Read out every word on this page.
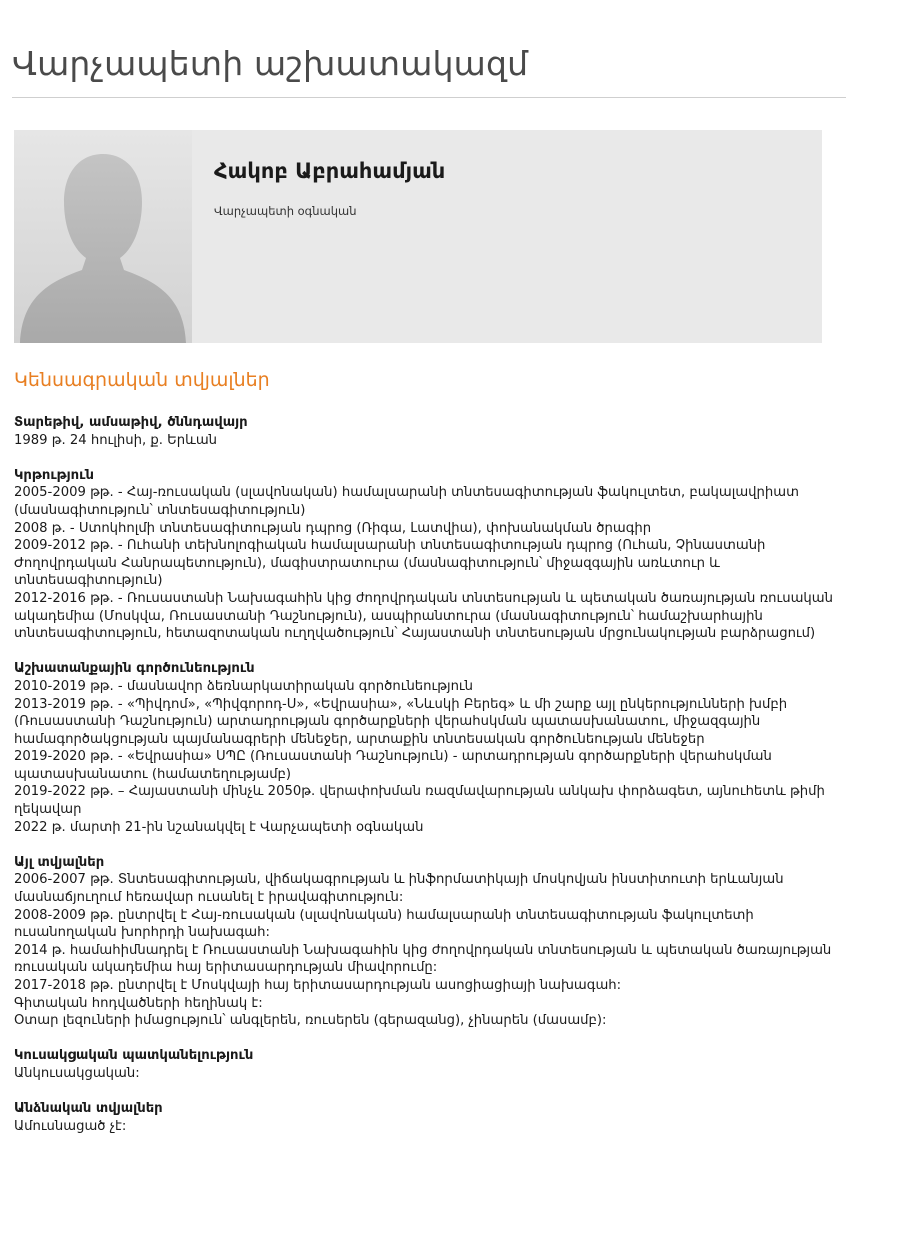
Վարչապետի աշխատակազմ
Հակոբ Աբրահամյան
Վարչապետի օգնական
Կենսագրական տվյալներ
Տարեթիվ, ամսաթիվ, ծննդավայր
1989 թ. 24 հուլիսի, ք. Երևան
Կրթություն
2005-2009 թթ. - Հայ-ռուսական (սլավոնական) համալսարանի տնտեսագիտության ֆակուլտետ, բակալավրիատ (մասնագիտություն՝ տնտեսագիտություն)
2008 թ. - Ստոկհոլմի տնտեսագիտության դպրոց (Ռիգա, Լատվիա), փոխանակման ծրագիր
2009-2012 թթ. - Ուհանի տեխնոլոգիական համալսարանի տնտեսագիտության դպրոց (Ուհան, Չինաստանի Ժողովրդական Հանրապետություն), մագիստրատուրա (մասնագիտություն՝ միջազգային առևտուր և տնտեսագիտություն)
2012-2016 թթ. - Ռուսաստանի Նախագահին կից ժողովրդական տնտեսության և պետական ծառայության ռուսական ակադեմիա (Մոսկվա, Ռուսաստանի Դաշնություն), ասպիրանտուրա (մասնագիտություն՝ համաշխարհային տնտեսագիտություն, հետազոտական ուղղվածություն՝ Հայաստանի տնտեսության մրցունակության բարձրացում)
Աշխատանքային գործունեություն
2010-2019 թթ. - մասնավոր ձեռնարկատիրական գործունեություն
2013-2019 թթ. - «Պիվդոմ», «Պիվգորոդ-Ս», «Եվրասիա», «Նևսկի Բերեգ» և մի շարք այլ ընկերությունների խմբի (Ռուսաստանի Դաշնություն) արտադրության գործարքների վերահսկման պատասխանատու, միջազգային համագործակցության պայմանագրերի մենեջեր, արտաքին տնտեսական գործունեության մենեջեր
2019-2020 թթ. - «Եվրասիա» ՍՊԸ (Ռուսաստանի Դաշնություն) - արտադրության գործարքների վերահսկման պատասխանատու (համատեղությամբ)
2019-2022 թթ. – Հայաստանի մինչև 2050թ. վերափոխման ռազմավարության անկախ փորձագետ, այնուհետև թիմի ղեկավար
2022 թ. մարտի 21-ին նշանակվել է Վարչապետի օգնական
Այլ տվյալներ
2006-2007 թթ. Տնտեսագիտության, վիճակագրության և ինֆորմատիկայի մոսկովյան ինստիտուտի երևանյան մասնաճյուղում հեռավար ուսանել է իրավագիտություն:
2008-2009 թթ. ընտրվել է Հայ-ռուսական (սլավոնական) համալսարանի տնտեսագիտության ֆակուլտետի ուսանողական խորհրդի նախագահ:
2014 թ. համահիմնադրել է Ռուսաստանի Նախագահին կից ժողովրդական տնտեսության և պետական ծառայության ռուսական ակադեմիա հայ երիտասարդության միավորումը:
2017-2018 թթ. ընտրվել է Մոսկվայի հայ երիտասարդության ասոցիացիայի նախագահ:
Գիտական հոդվածների հեղինակ է:
Օտար լեզուների իմացություն՝ անգլերեն, ռուսերեն (գերազանց), չինարեն (մասամբ):
Կուսակցական պատկանելություն
Անկուսակցական:
Անձնական տվյալներ
Ամուսնացած չէ:
